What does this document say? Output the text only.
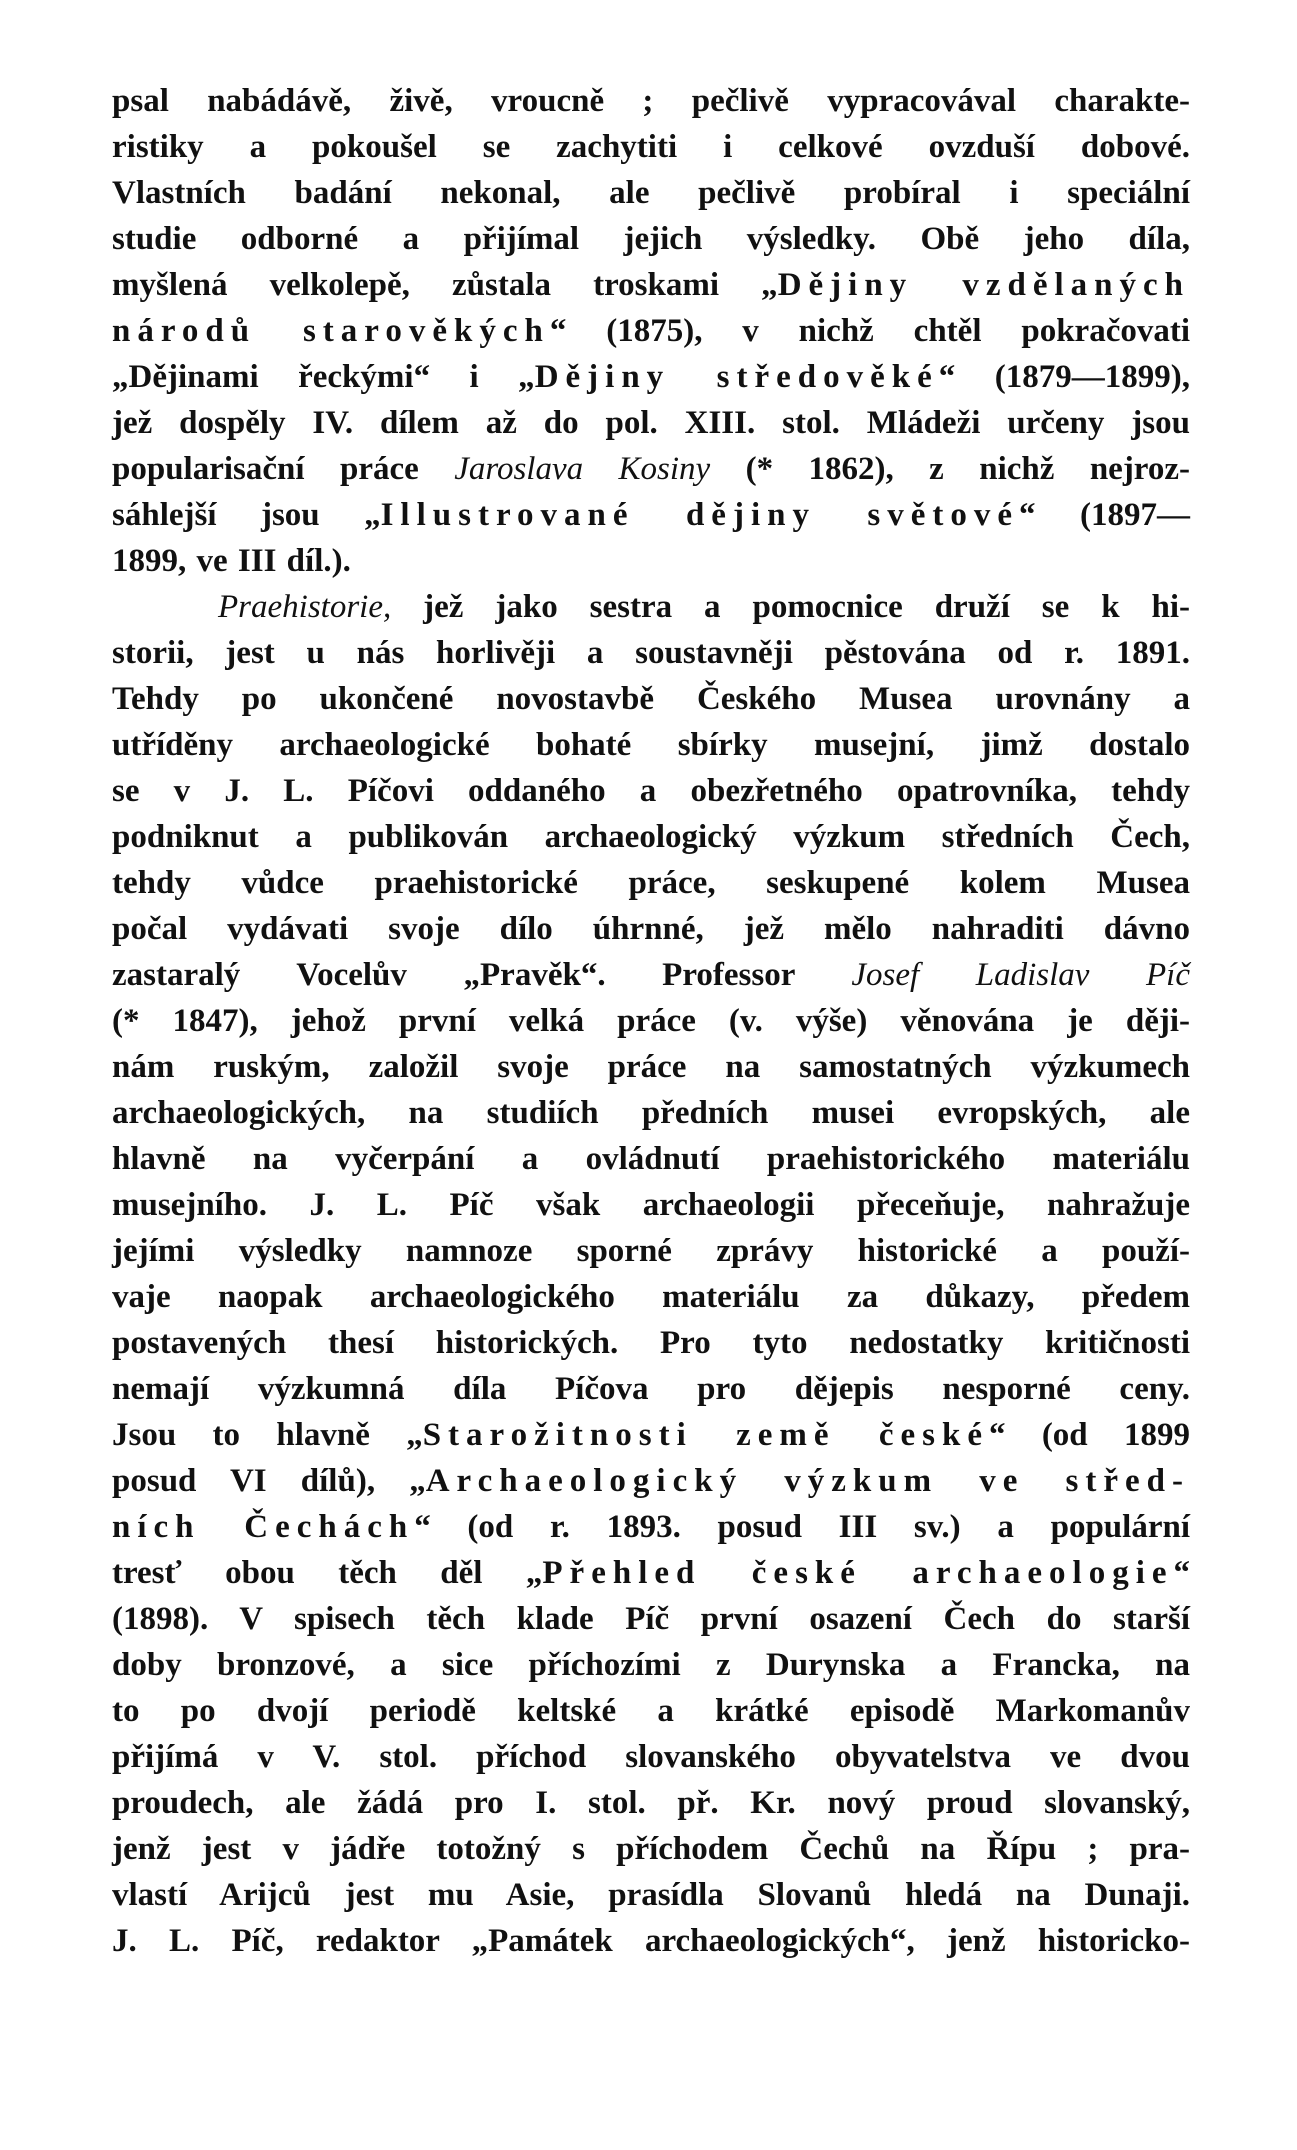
psal nabádávě, živě, vroucně ; pečlivě vypracovával charakte-
ristiky a pokoušel se zachytiti i celkové ovzduší dobové.
Vlastních badání nekonal, ale pečlivě probíral i speciální
studie odborné a přijímal jejich výsledky. Obě jeho díla,
myšlená velkolepě, zůstala troskami „Dějiny vzdělaných
národů starověkých“ (1875), v nichž chtěl pokračovati
„Dějinami řeckými“ i „Dějiny středověké“ (1879—1899),
jež dospěly IV. dílem až do pol. XIII. stol. Mládeži určeny jsou
popularisační práce Jaroslava Kosiny (* 1862), z nichž nejroz-
sáhlejší jsou „Illustrované dějiny světové“ (1897—
1899, ve III díl.).
Praehistorie, jež jako sestra a pomocnice druží se k hi-
storii, jest u nás horlivěji a soustavněji pěstována od r. 1891.
Tehdy po ukončené novostavbě Českého Musea urovnány a
utříděny archaeologické bohaté sbírky musejní, jimž dostalo
se v J. L. Píčovi oddaného a obezřetného opatrovníka, tehdy
podniknut a publikován archaeologický výzkum středních Čech,
tehdy vůdce praehistorické práce, seskupené kolem Musea
počal vydávati svoje dílo úhrnné, jež mělo nahraditi dávno
zastaralý Vocelův „Pravěk“. Professor Josef Ladislav Píč
(* 1847), jehož první velká práce (v. výše) věnována je ději-
nám ruským, založil svoje práce na samostatných výzkumech
archaeologických, na studiích předních musei evropských, ale
hlavně na vyčerpání a ovládnutí praehistorického materiálu
musejního. J. L. Píč však archaeologii přeceňuje, nahražuje
jejími výsledky namnoze sporné zprávy historické a použí-
vaje naopak archaeologického materiálu za důkazy, předem
postavených thesí historických. Pro tyto nedostatky kritičnosti
nemají výzkumná díla Píčova pro dějepis nesporné ceny.
Jsou to hlavně „Starožitnosti země české“ (od 1899
posud VI dílů), „Archaeologický výzkum ve střed-
ních Čechách“ (od r. 1893. posud III sv.) a populární
tresť obou těch děl „Přehled české archaeologie“
(1898). V spisech těch klade Píč první osazení Čech do starší
doby bronzové, a sice příchozími z Durynska a Francka, na
to po dvojí periodě keltské a krátké episodě Markomanův
přijímá v V. stol. příchod slovanského obyvatelstva ve dvou
proudech, ale žádá pro I. stol. př. Kr. nový proud slovanský,
jenž jest v jádře totožný s příchodem Čechů na Řípu ; pra-
vlastí Arijců jest mu Asie, prasídla Slovanů hledá na Dunaji.
J. L. Píč, redaktor „Památek archaeologických“, jenž historicko-
